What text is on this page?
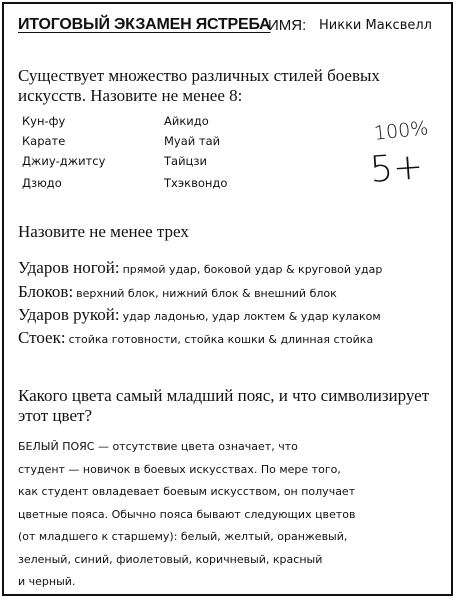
ИТОГОВЫЙ ЭКЗАМЕН ЯСТРЕБА
ИМЯ: Никки Максвелл
Существует множество различных стилей боевых искусств. Назовите не менее 8:
Кун-фу
Карате
Джиу-джитсу
Дзюдо
Айкидо
Муай тай
Тайцзи
Тхэквондо
100%
5+
Назовите не менее трех
Ударов ногой: прямой удар, боковой удар & круговой удар
Блоков: верхний блок, нижний блок & внешний блок
Ударов рукой: удар ладонью, удар локтем & удар кулаком
Стоек: стойка готовности, стойка кошки & длинная стойка
Какого цвета самый младший пояс, и что символизирует этот цвет?
БЕЛЫЙ ПОЯС — отсутствие цвета означает, что
студент — новичок в боевых искусствах. По мере того,
как студент овладевает боевым искусством, он получает
цветные пояса. Обычно пояса бывают следующих цветов
(от младшего к старшему): белый, желтый, оранжевый,
зеленый, синий, фиолетовый, коричневый, красный
и черный.
